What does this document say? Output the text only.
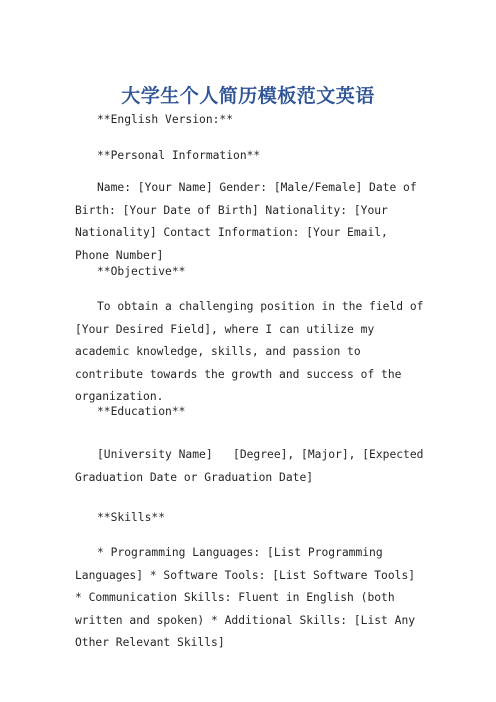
大学生个人简历模板范文英语

**English Version:**

**Personal Information**

Name: [Your Name] Gender: [Male/Female] Date of Birth: [Your Date of Birth] Nationality: [Your Nationality] Contact Information: [Your Email, Phone Number]

**Objective**

To obtain a challenging position in the field of [Your Desired Field], where I can utilize my academic knowledge, skills, and passion to contribute towards the growth and success of the organization.

**Education**

[University Name]   [Degree], [Major], [Expected Graduation Date or Graduation Date]

**Skills**

* Programming Languages: [List Programming Languages] * Software Tools: [List Software Tools] * Communication Skills: Fluent in English (both written and spoken) * Additional Skills: [List Any Other Relevant Skills]
